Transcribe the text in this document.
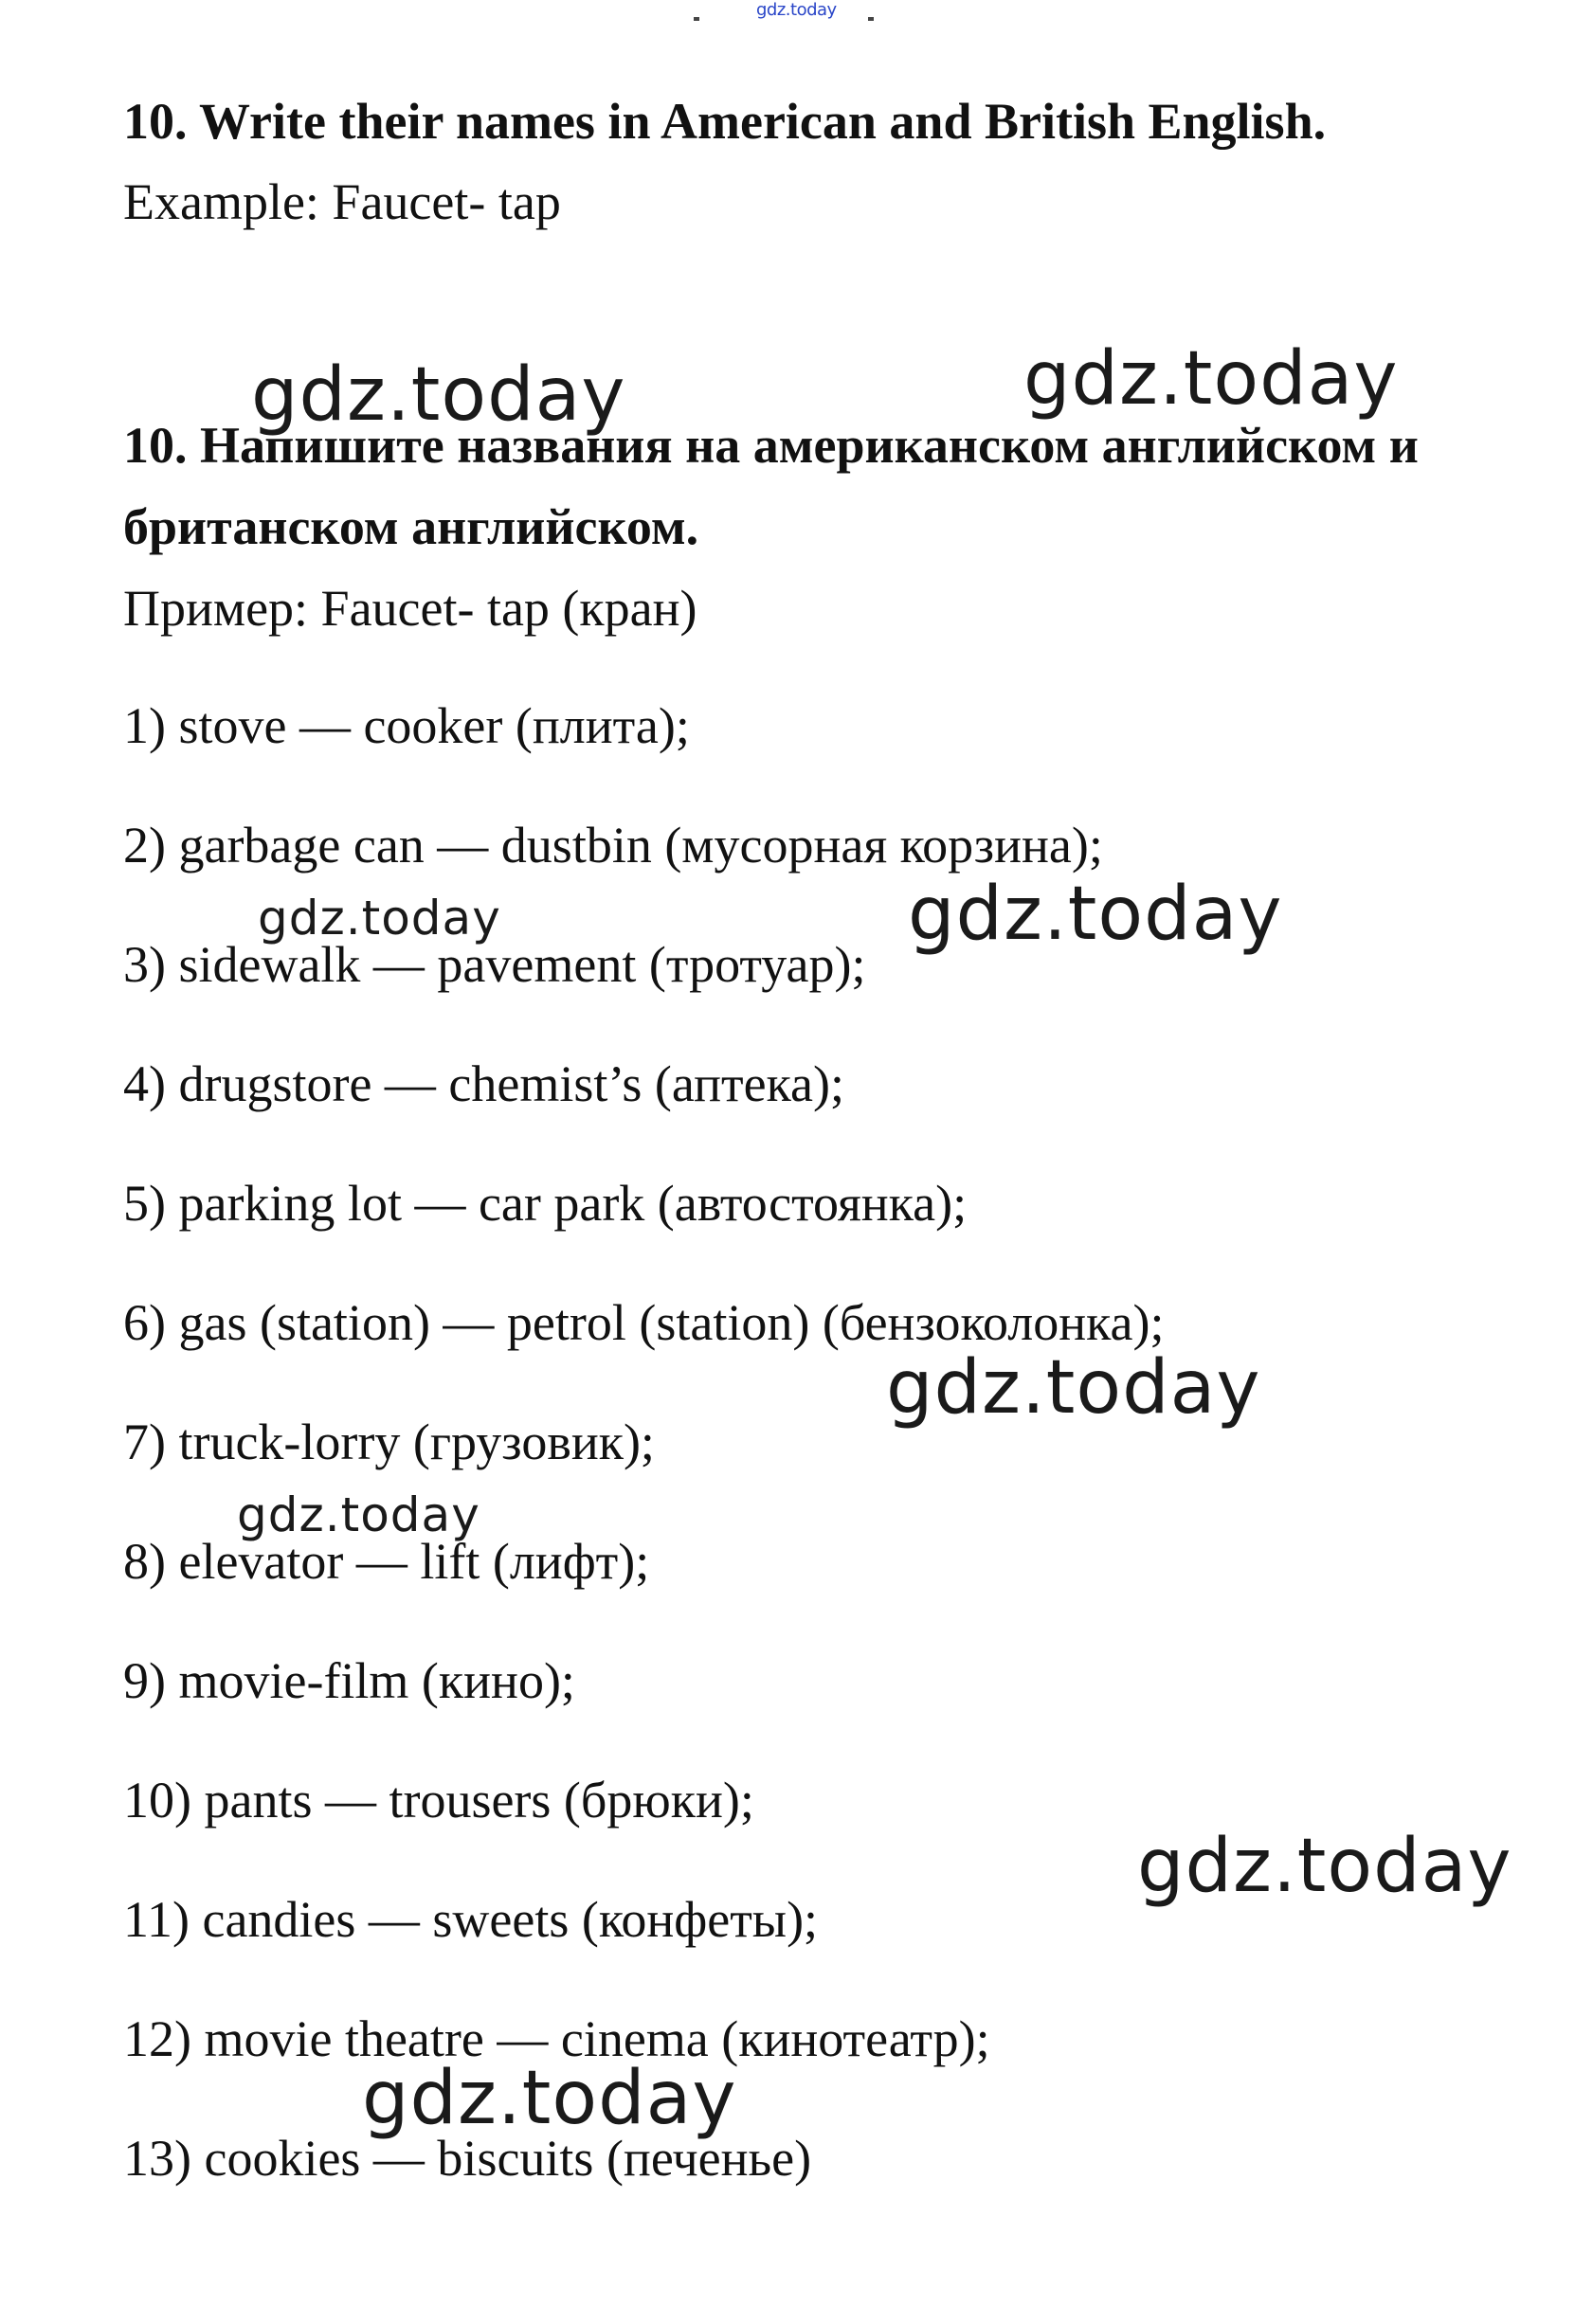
gdz.today

10. Write their names in American and British English.

Example: Faucet- tap

10. Напишите названия на американском английском и

британском английском.

Пример: Faucet- tap (кран)

1) stove — cooker (плита);
2) garbage can — dustbin (мусорная корзина);
3) sidewalk — pavement (тротуар);
4) drugstore — chemist’s (аптека);
5) parking lot — car park (автостоянка);
6) gas (station) — petrol (station) (бензоколонка);
7) truck-lorry (грузовик);
8) elevator — lift (лифт);
9) movie-film (кино);
10) pants — trousers (брюки);
11) candies — sweets (конфеты);
12) movie theatre — cinema (кинотеатр);
13) cookies — biscuits (печенье)
gdz.today	gdz.today
gdz.today	gdz.today
gdz.today
gdz.today
gdz.today
gdz.today
